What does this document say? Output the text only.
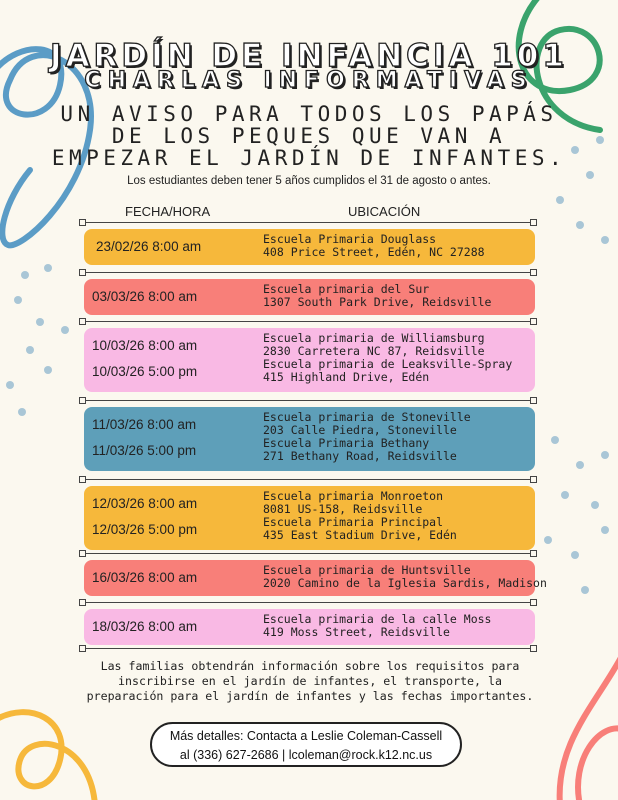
JARDÍN DE INFANCIA 101
CHARLAS INFORMATIVAS
UN AVISO PARA TODOS LOS PAPÁS
DE LOS PEQUES QUE VAN A
EMPEZAR EL JARDÍN DE INFANTES.
Los estudiantes deben tener 5 años cumplidos el 31 de agosto o antes.
FECHA/HORA	UBICACIÓN
23/02/26 8:00 am	Escuela Primaria Douglass
408 Price Street, Edén, NC 27288
03/03/26 8:00 am	Escuela primaria del Sur
1307 South Park Drive, Reidsville
10/03/26 8:00 am	Escuela primaria de Williamsburg
2830 Carretera NC 87, Reidsville
10/03/26 5:00 pm	Escuela primaria de Leaksville-Spray
415 Highland Drive, Edén
11/03/26 8:00 am	Escuela primaria de Stoneville
203 Calle Piedra, Stoneville
11/03/26 5:00 pm	Escuela Primaria Bethany
271 Bethany Road, Reidsville
12/03/26 8:00 am	Escuela primaria Monroeton
8081 US-158, Reidsville
12/03/26 5:00 pm	Escuela Primaria Principal
435 East Stadium Drive, Edén
16/03/26 8:00 am	Escuela primaria de Huntsville
2020 Camino de la Iglesia Sardis, Madison
18/03/26 8:00 am	Escuela primaria de la calle Moss
419 Moss Street, Reidsville
Las familias obtendrán información sobre los requisitos para
inscribirse en el jardín de infantes, el transporte, la
preparación para el jardín de infantes y las fechas importantes.
Más detalles: Contacta a Leslie Coleman-Cassell
al (336) 627-2686 | lcoleman@rock.k12.nc.us
